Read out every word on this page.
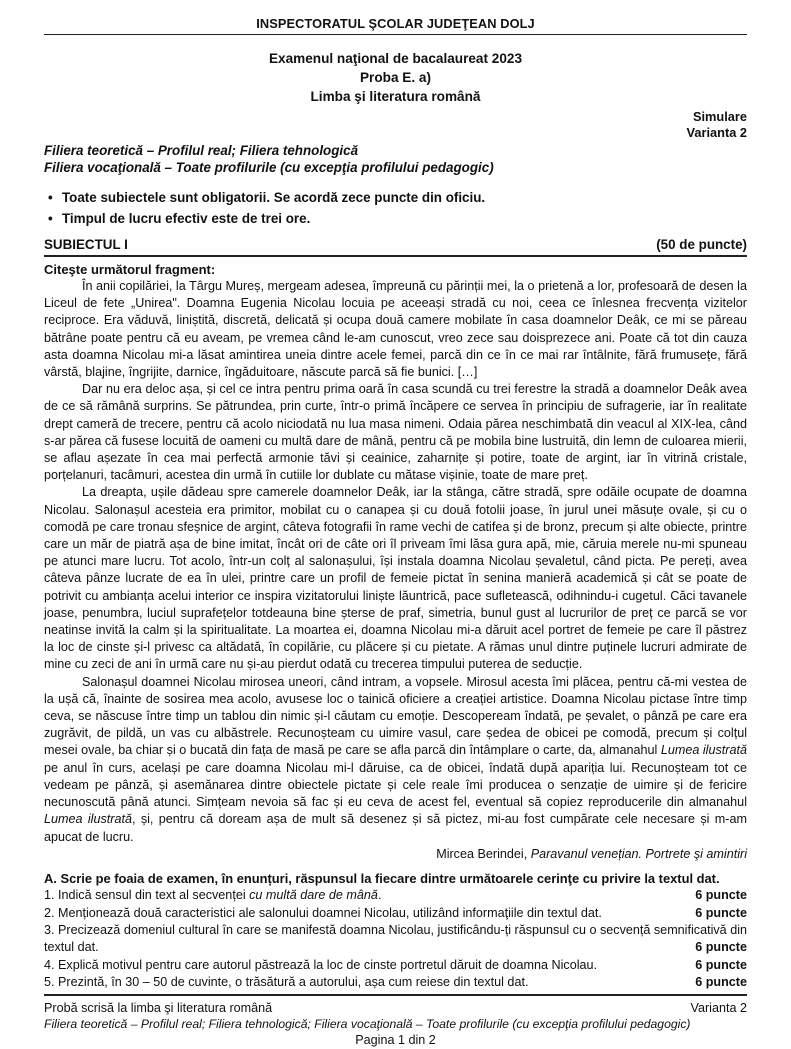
INSPECTORATUL ŞCOLAR JUDEŢEAN DOLJ
Examenul naţional de bacalaureat 2023
Proba E. a)
Limba şi literatura română
Simulare
Varianta 2
Filiera teoretică – Profilul real; Filiera tehnologică
Filiera vocaţională – Toate profilurile (cu excepţia profilului pedagogic)
• Toate subiectele sunt obligatorii. Se acordă zece puncte din oficiu.
• Timpul de lucru efectiv este de trei ore.
SUBIECTUL I	(50 de puncte)
Citeşte următorul fragment:

În anii copilăriei, la Târgu Mureș, mergeam adesea, împreună cu părinții mei, la o prietenă a lor, profesoară de desen la Liceul de fete „Unirea". Doamna Eugenia Nicolau locuia pe aceeași stradă cu noi, ceea ce înlesnea frecvența vizitelor reciproce. Era văduvă, liniștită, discretă, delicată și ocupa două camere mobilate în casa doamnelor Deâk, ce mi se păreau bătrâne poate pentru că eu aveam, pe vremea când le-am cunoscut, vreo zece sau doisprezece ani. Poate că tot din cauza asta doamna Nicolau mi-a lăsat amintirea uneia dintre acele femei, parcă din ce în ce mai rar întâlnite, fără frumusețe, fără vârstă, blajine, îngrijite, darnice, îngăduitoare, născute parcă să fie bunici. […]

Dar nu era deloc așa, și cel ce intra pentru prima oară în casa scundă cu trei ferestre la stradă a doamnelor Deâk avea de ce să rămână surprins. Se pătrundea, prin curte, într-o primă încăpere ce servea în principiu de sufragerie, iar în realitate drept cameră de trecere, pentru că acolo niciodată nu lua masa nimeni. Odaia părea neschimbată din veacul al XIX-lea, când s-ar părea că fusese locuită de oameni cu multă dare de mână, pentru că pe mobila bine lustruită, din lemn de culoarea mierii, se aflau așezate în cea mai perfectă armonie tăvi și ceainice, zaharnițe și potire, toate de argint, iar în vitrină cristale, porțelanuri, tacâmuri, acestea din urmă în cutiile lor dublate cu mătase vișinie, toate de mare preț.

La dreapta, ușile dădeau spre camerele doamnelor Deâk, iar la stânga, către stradă, spre odăile ocupate de doamna Nicolau. Salonașul acesteia era primitor, mobilat cu o canapea și cu două fotolii joase, în jurul unei măsuțe ovale, și cu o comodă pe care tronau sfeșnice de argint, câteva fotografii în rame vechi de catifea și de bronz, precum și alte obiecte, printre care un măr de piatră așa de bine imitat, încât ori de câte ori îl priveam îmi lăsa gura apă, mie, căruia merele nu-mi spuneau pe atunci mare lucru. Tot acolo, într-un colț al salonașului, își instala doamna Nicolau șevaletul, când picta. Pe pereți, avea câteva pânze lucrate de ea în ulei, printre care un profil de femeie pictat în senina manieră academică și cât se poate de potrivit cu ambianța acelui interior ce inspira vizitatorului liniște lăuntrică, pace sufletească, odihnindu-i cugetul. Căci tavanele joase, penumbra, luciul suprafețelor totdeauna bine șterse de praf, simetria, bunul gust al lucrurilor de preț ce parcă se vor neatinse invită la calm și la spiritualitate. La moartea ei, doamna Nicolau mi-a dăruit acel portret de femeie pe care îl păstrez la loc de cinste și-l privesc ca altădată, în copilărie, cu plăcere și cu pietate. A rămas unul dintre puținele lucruri admirate de mine cu zeci de ani în urmă care nu și-au pierdut odată cu trecerea timpului puterea de seducție.

Salonașul doamnei Nicolau mirosea uneori, când intram, a vopsele. Mirosul acesta îmi plăcea, pentru că-mi vestea de la ușă că, înainte de sosirea mea acolo, avusese loc o tainică oficiere a creației artistice. Doamna Nicolau pictase între timp ceva, se născuse între timp un tablou din nimic și-l căutam cu emoție. Descopeream îndată, pe șevalet, o pânză pe care era zugrăvit, de pildă, un vas cu albăstrele. Recunoșteam cu uimire vasul, care ședea de obicei pe comodă, precum și colțul mesei ovale, ba chiar și o bucată din fața de masă pe care se afla parcă din întâmplare o carte, da, almanahul Lumea ilustrată pe anul în curs, același pe care doamna Nicolau mi-l dăruise, ca de obicei, îndată după apariția lui. Recunoșteam tot ce vedeam pe pânză, și asemănarea dintre obiectele pictate și cele reale îmi producea o senzație de uimire și de fericire necunoscută până atunci. Simțeam nevoia să fac și eu ceva de acest fel, eventual să copiez reproducerile din almanahul Lumea ilustrată, și, pentru că doream așa de mult să desenez și să pictez, mi-au fost cumpărate cele necesare și m-am apucat de lucru.

Mircea Berindei, Paravanul venețian. Portrete şi amintiri
A. Scrie pe foaia de examen, în enunțuri, răspunsul la fiecare dintre următoarele cerinţe cu privire la textul dat.
1. Indică sensul din text al secvenței cu multă dare de mână.	6 puncte
2. Menționează două caracteristici ale salonului doamnei Nicolau, utilizând informaţiile din textul dat.	6 puncte
3. Precizează domeniul cultural în care se manifestă doamna Nicolau, justificându-ți răspunsul cu o secvență semnificativă din textul dat.	6 puncte
4. Explică motivul pentru care autorul păstrează la loc de cinste portretul dăruit de doamna Nicolau.	6 puncte
5. Prezintă, în 30 – 50 de cuvinte, o trăsătură a autorului, așa cum reiese din textul dat.	6 puncte
Probă scrisă la limba şi literatura română	Varianta 2
Filiera teoretică – Profilul real; Filiera tehnologică; Filiera vocaţională – Toate profilurile (cu excepţia profilului pedagogic)
Pagina 1 din 2
